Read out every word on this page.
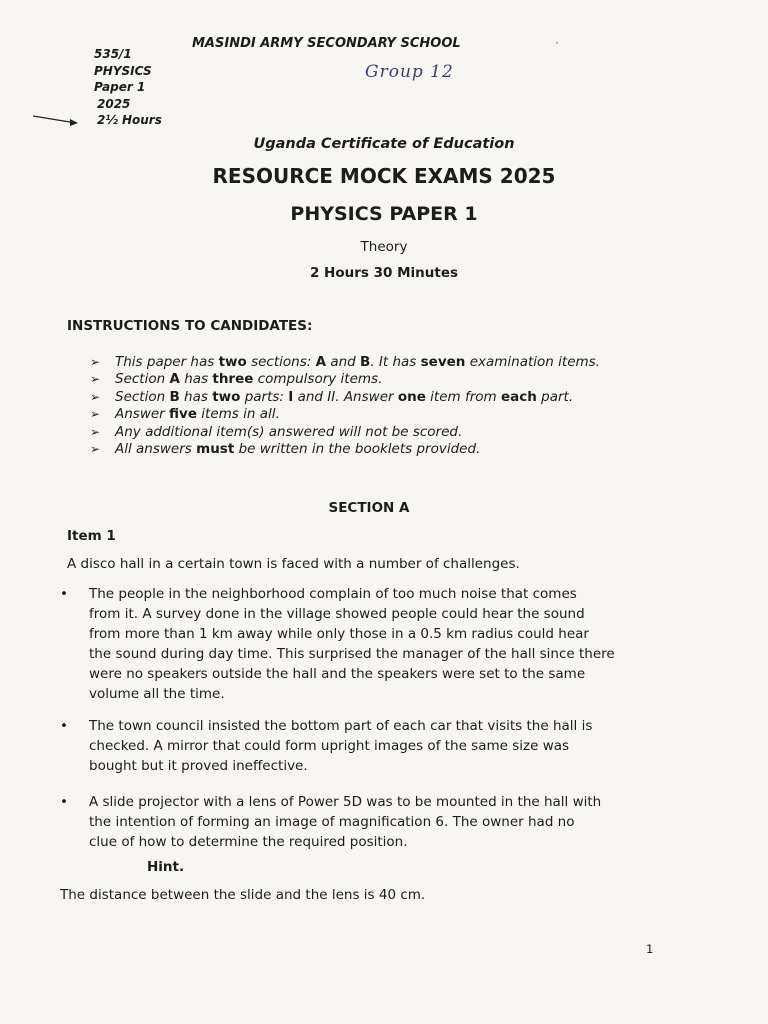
MASINDI ARMY SECONDARY SCHOOL	·
535/1
PHYSICS
Paper 1
2025
2½ Hours
Group 12
Uganda Certificate of Education
RESOURCE MOCK EXAMS 2025
PHYSICS PAPER 1
Theory
2 Hours 30 Minutes
INSTRUCTIONS TO CANDIDATES:
➢	This paper has two sections: A and B. It has seven examination items.
➢	Section A has three compulsory items.
➢	Section B has two parts: I and II. Answer one item from each part.
➢	Answer five items in all.
➢	Any additional item(s) answered will not be scored.
➢	All answers must be written in the booklets provided.
SECTION A
Item 1
A disco hall in a certain town is faced with a number of challenges.
• The people in the neighborhood complain of too much noise that comes
from it. A survey done in the village showed people could hear the sound
from more than 1 km away while only those in a 0.5 km radius could hear
the sound during day time. This surprised the manager of the hall since there
were no speakers outside the hall and the speakers were set to the same
volume all the time.
• The town council insisted the bottom part of each car that visits the hall is
checked. A mirror that could form upright images of the same size was
bought but it proved ineffective.
• A slide projector with a lens of Power 5D was to be mounted in the hall with
the intention of forming an image of magnification 6. The owner had no
clue of how to determine the required position.
Hint.
The distance between the slide and the lens is 40 cm.
1
